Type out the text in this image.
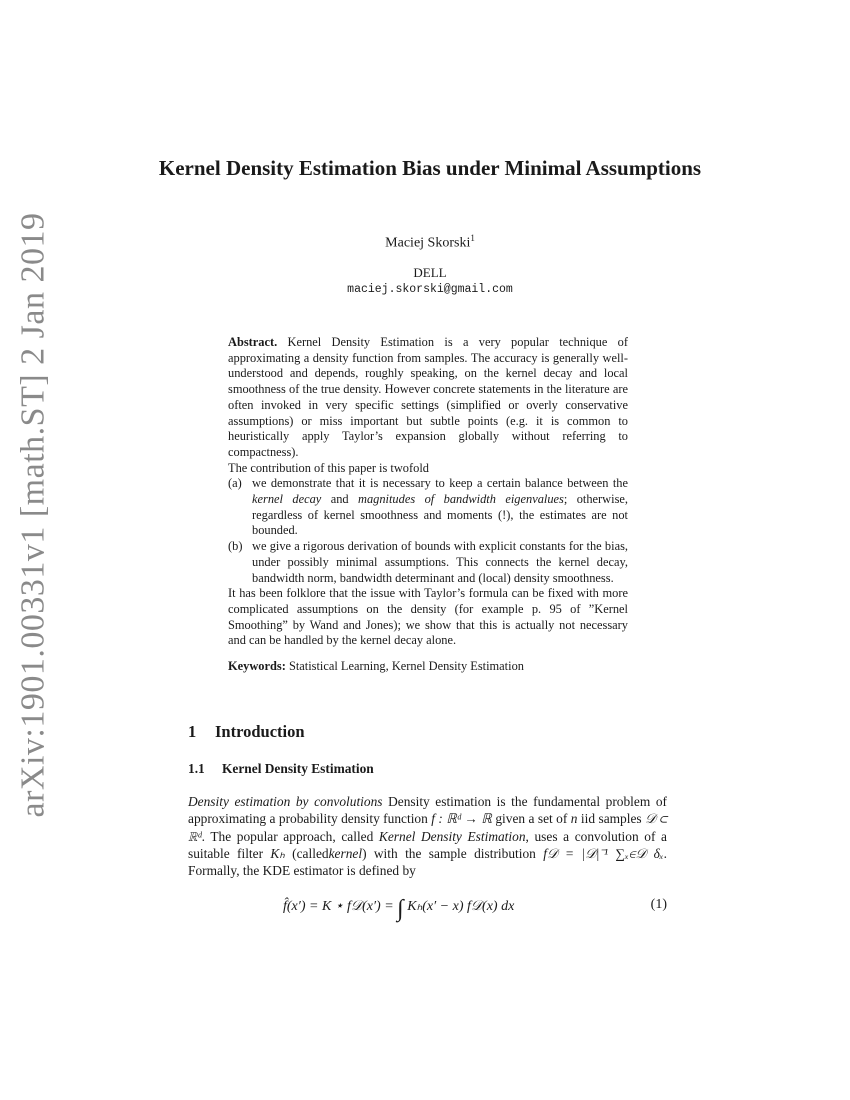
arXiv:1901.00331v1 [math.ST] 2 Jan 2019
Kernel Density Estimation Bias under Minimal Assumptions
Maciej Skorski$^1$
DELL
maciej.skorski@gmail.com

Abstract. Kernel Density Estimation is a very popular technique of approximating a density function from samples. The accuracy is generally well-understood and depends, roughly speaking, on the kernel decay and local smoothness of the true density. However concrete statements in the literature are often invoked in very specific settings (simplified or overly conservative assumptions) or miss important but subtle points (e.g. it is common to heuristically apply Taylor’s expansion globally without referring to compactness).

The contribution of this paper is twofold

(a) we demonstrate that it is necessary to keep a certain balance between the kernel decay and magnitudes of bandwidth eigenvalues; otherwise, regardless of kernel smoothness and moments (!), the estimates are not bounded.
(b) we give a rigorous derivation of bounds with explicit constants for the bias, under possibly minimal assumptions. This connects the kernel decay, bandwidth norm, bandwidth determinant and (local) density smoothness.

It has been folklore that the issue with Taylor’s formula can be fixed with more complicated assumptions on the density (for example p. 95 of ”Kernel Smoothing” by Wand and Jones); we show that this is actually not necessary and can be handled by the kernel decay alone.

Keywords: Statistical Learning, Kernel Density Estimation

1 Introduction
1.1 Kernel Density Estimation

Density estimation by convolutions Density estimation is the fundamental problem of approximating a probability density function f : ℝᵈ → ℝ given a set of n iid samples 𝒟 ⊂ ℝᵈ. The popular approach, called Kernel Density Estimation, uses a convolution of a suitable filter Kₕ (calledkernel) with the sample distribution f𝒟 = |𝒟|⁻¹ ∑ₓ∈𝒟 δₓ. Formally, the KDE estimator is defined by

f̂(x′) = K ⋆ f𝒟(x′) = ∫ Kₕ(x′ − x) f𝒟(x) dx	(1)
